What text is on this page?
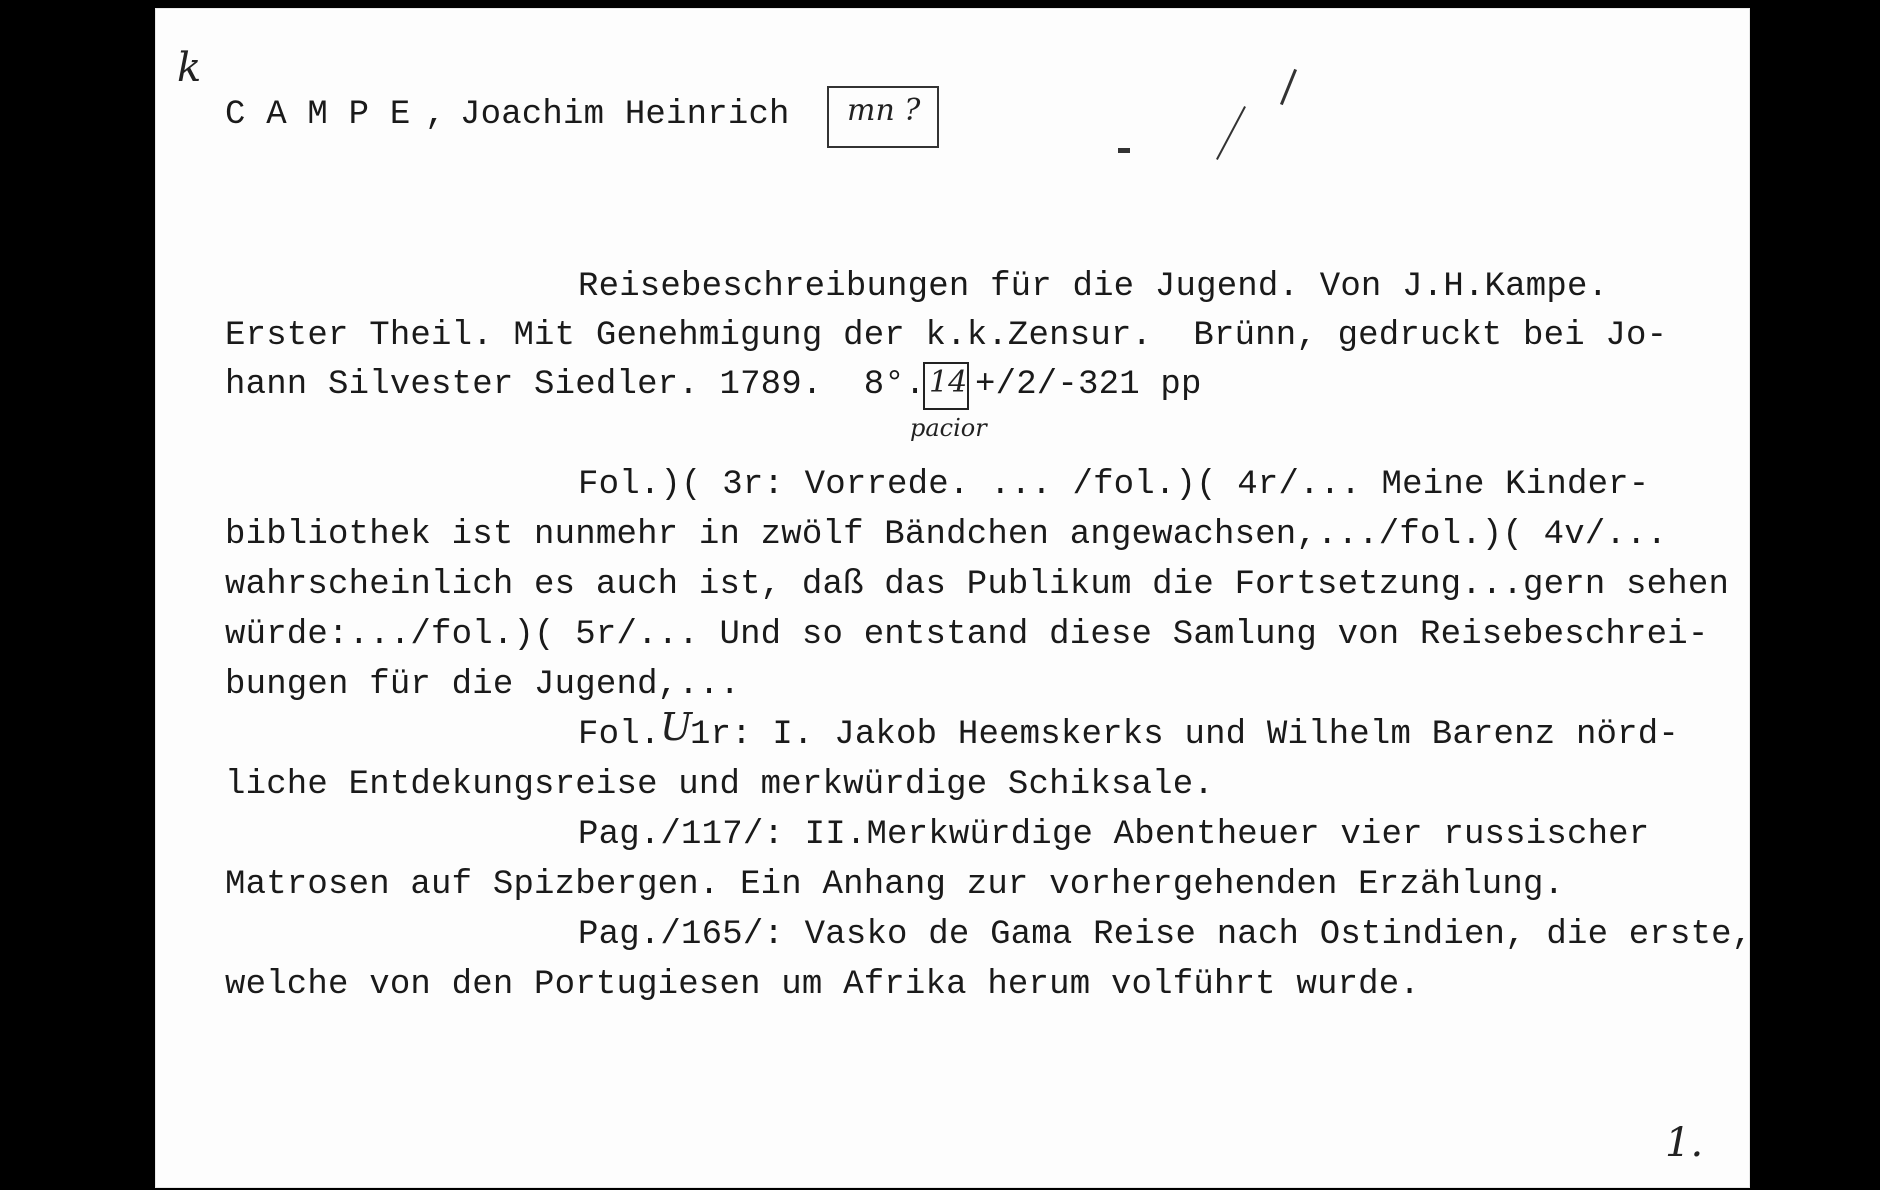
k
C A M P E , Joachim Heinrich mn ?
Reisebeschreibungen für die Jugend. Von J.H.Kampe.
Erster Theil. Mit Genehmigung der k.k.Zensur.  Brünn, gedruckt bei Jo-
hann Silvester Siedler. 1789.  8°. 14 +/2/-321 pp
pacior
Fol.)( 3r: Vorrede. ... /fol.)( 4r/... Meine Kinder-
bibliothek ist nunmehr in zwölf Bändchen angewachsen,.../fol.)( 4v/...
wahrscheinlich es auch ist, daß das Publikum die Fortsetzung...gern sehen
würde:.../fol.)( 5r/... Und so entstand diese Samlung von Reisebeschrei-
bungen für die Jugend,...
Fol. U
1r: I. Jakob Heemskerks und Wilhelm Barenz nörd-
liche Entdekungsreise und merkwürdige Schiksale.
Pag./117/: II.Merkwürdige Abentheuer vier russischer
Matrosen auf Spizbergen. Ein Anhang zur vorhergehenden Erzählung.
Pag./165/: Vasko de Gama Reise nach Ostindien, die erste,
welche von den Portugiesen um Afrika herum volführt wurde.
1.
